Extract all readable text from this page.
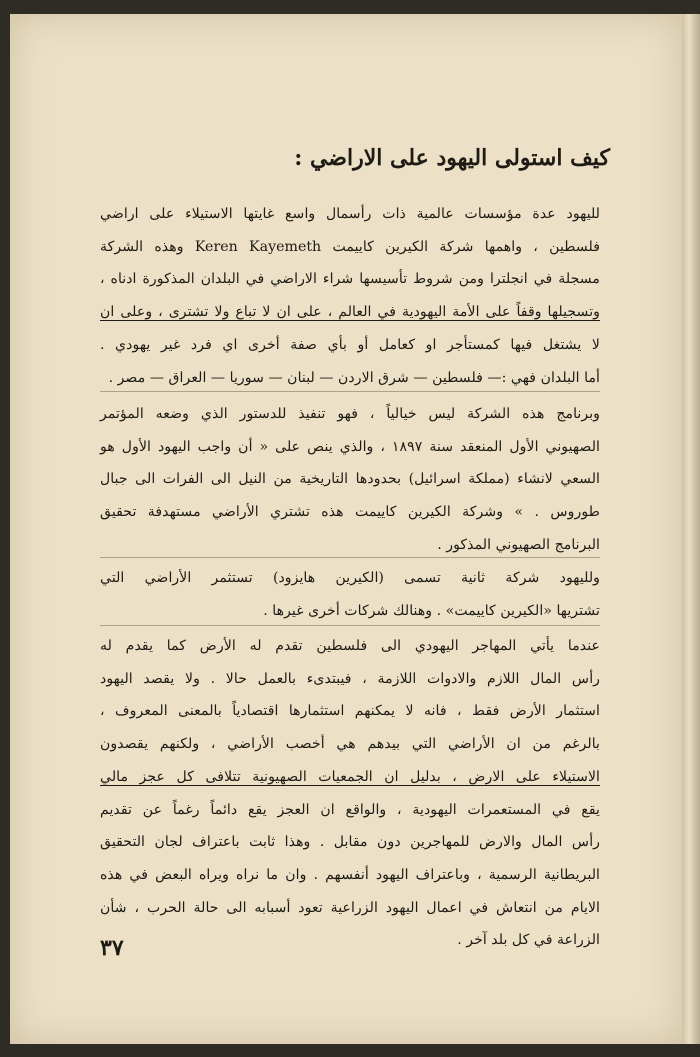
كيف استولى اليهود على الاراضي :
لليهود عدة مؤسسات عالمية ذات رأسمال واسع غايتها الاستيلاء على اراضي
فلسطين ، واهمها شركة الكيرين كاييمت Keren Kayemeth وهذه الشركة
مسجلة في انجلترا ومن شروط تأسيسها شراء الاراضي في البلدان المذكورة ادناه ،
وتسجيلها وقفاً على الأمة اليهودية في العالم ، على ان لا تباع ولا تشترى ، وعلى ان
لا يشتغل فيها كمستأجر او كعامل أو بأي صفة أخرى اي فرد غير يهودي .
أما البلدان فهي :— فلسطين — شرق الاردن — لبنان — سوريا — العراق — مصر .
وبرنامج هذه الشركة ليس خيالياً ، فهو تنفيذ للدستور الذي وضعه المؤتمر
الصهيوني الأول المنعقد سنة ١٨٩٧ ، والذي ينص على « أن واجب اليهود الأول هو
السعي لانشاء (مملكة اسرائيل) بحدودها التاريخية من النيل الى الفرات الى جبال
طوروس . » وشركة الكيرين كاييمت هذه تشتري الأراضي مستهدفة تحقيق
البرنامج الصهيوني المذكور .
ولليهود شركة ثانية تسمى (الكيرين هايزود) تستثمر الأراضي التي
تشتريها «الكيرين كاييمت» . وهنالك شركات أخرى غيرها .
عندما يأتي المهاجر اليهودي الى فلسطين تقدم له الأرض كما يقدم له
رأس المال اللازم والادوات اللازمة ، فيبتدىء بالعمل حالا . ولا يقصد اليهود
استثمار الأرض فقط ، فانه لا يمكنهم استثمارها اقتصادياً بالمعنى المعروف ،
بالرغم من ان الأراضي التي بيدهم هي أخصب الأراضي ، ولكنهم يقصدون
الاستيلاء على الارض ، بدليل ان الجمعيات الصهيونية تتلافى كل عجز مالي
يقع في المستعمرات اليهودية ، والواقع ان العجز يقع دائماً رغماً عن تقديم
رأس المال والارض للمهاجرين دون مقابل . وهذا ثابت باعتراف لجان التحقيق
البريطانية الرسمية ، وباعتراف اليهود أنفسهم . وان ما نراه ويراه البعض في هذه
الايام من انتعاش في اعمال اليهود الزراعية تعود أسبابه الى حالة الحرب ، شأن
الزراعة في كل بلد آخر .
٣٧
